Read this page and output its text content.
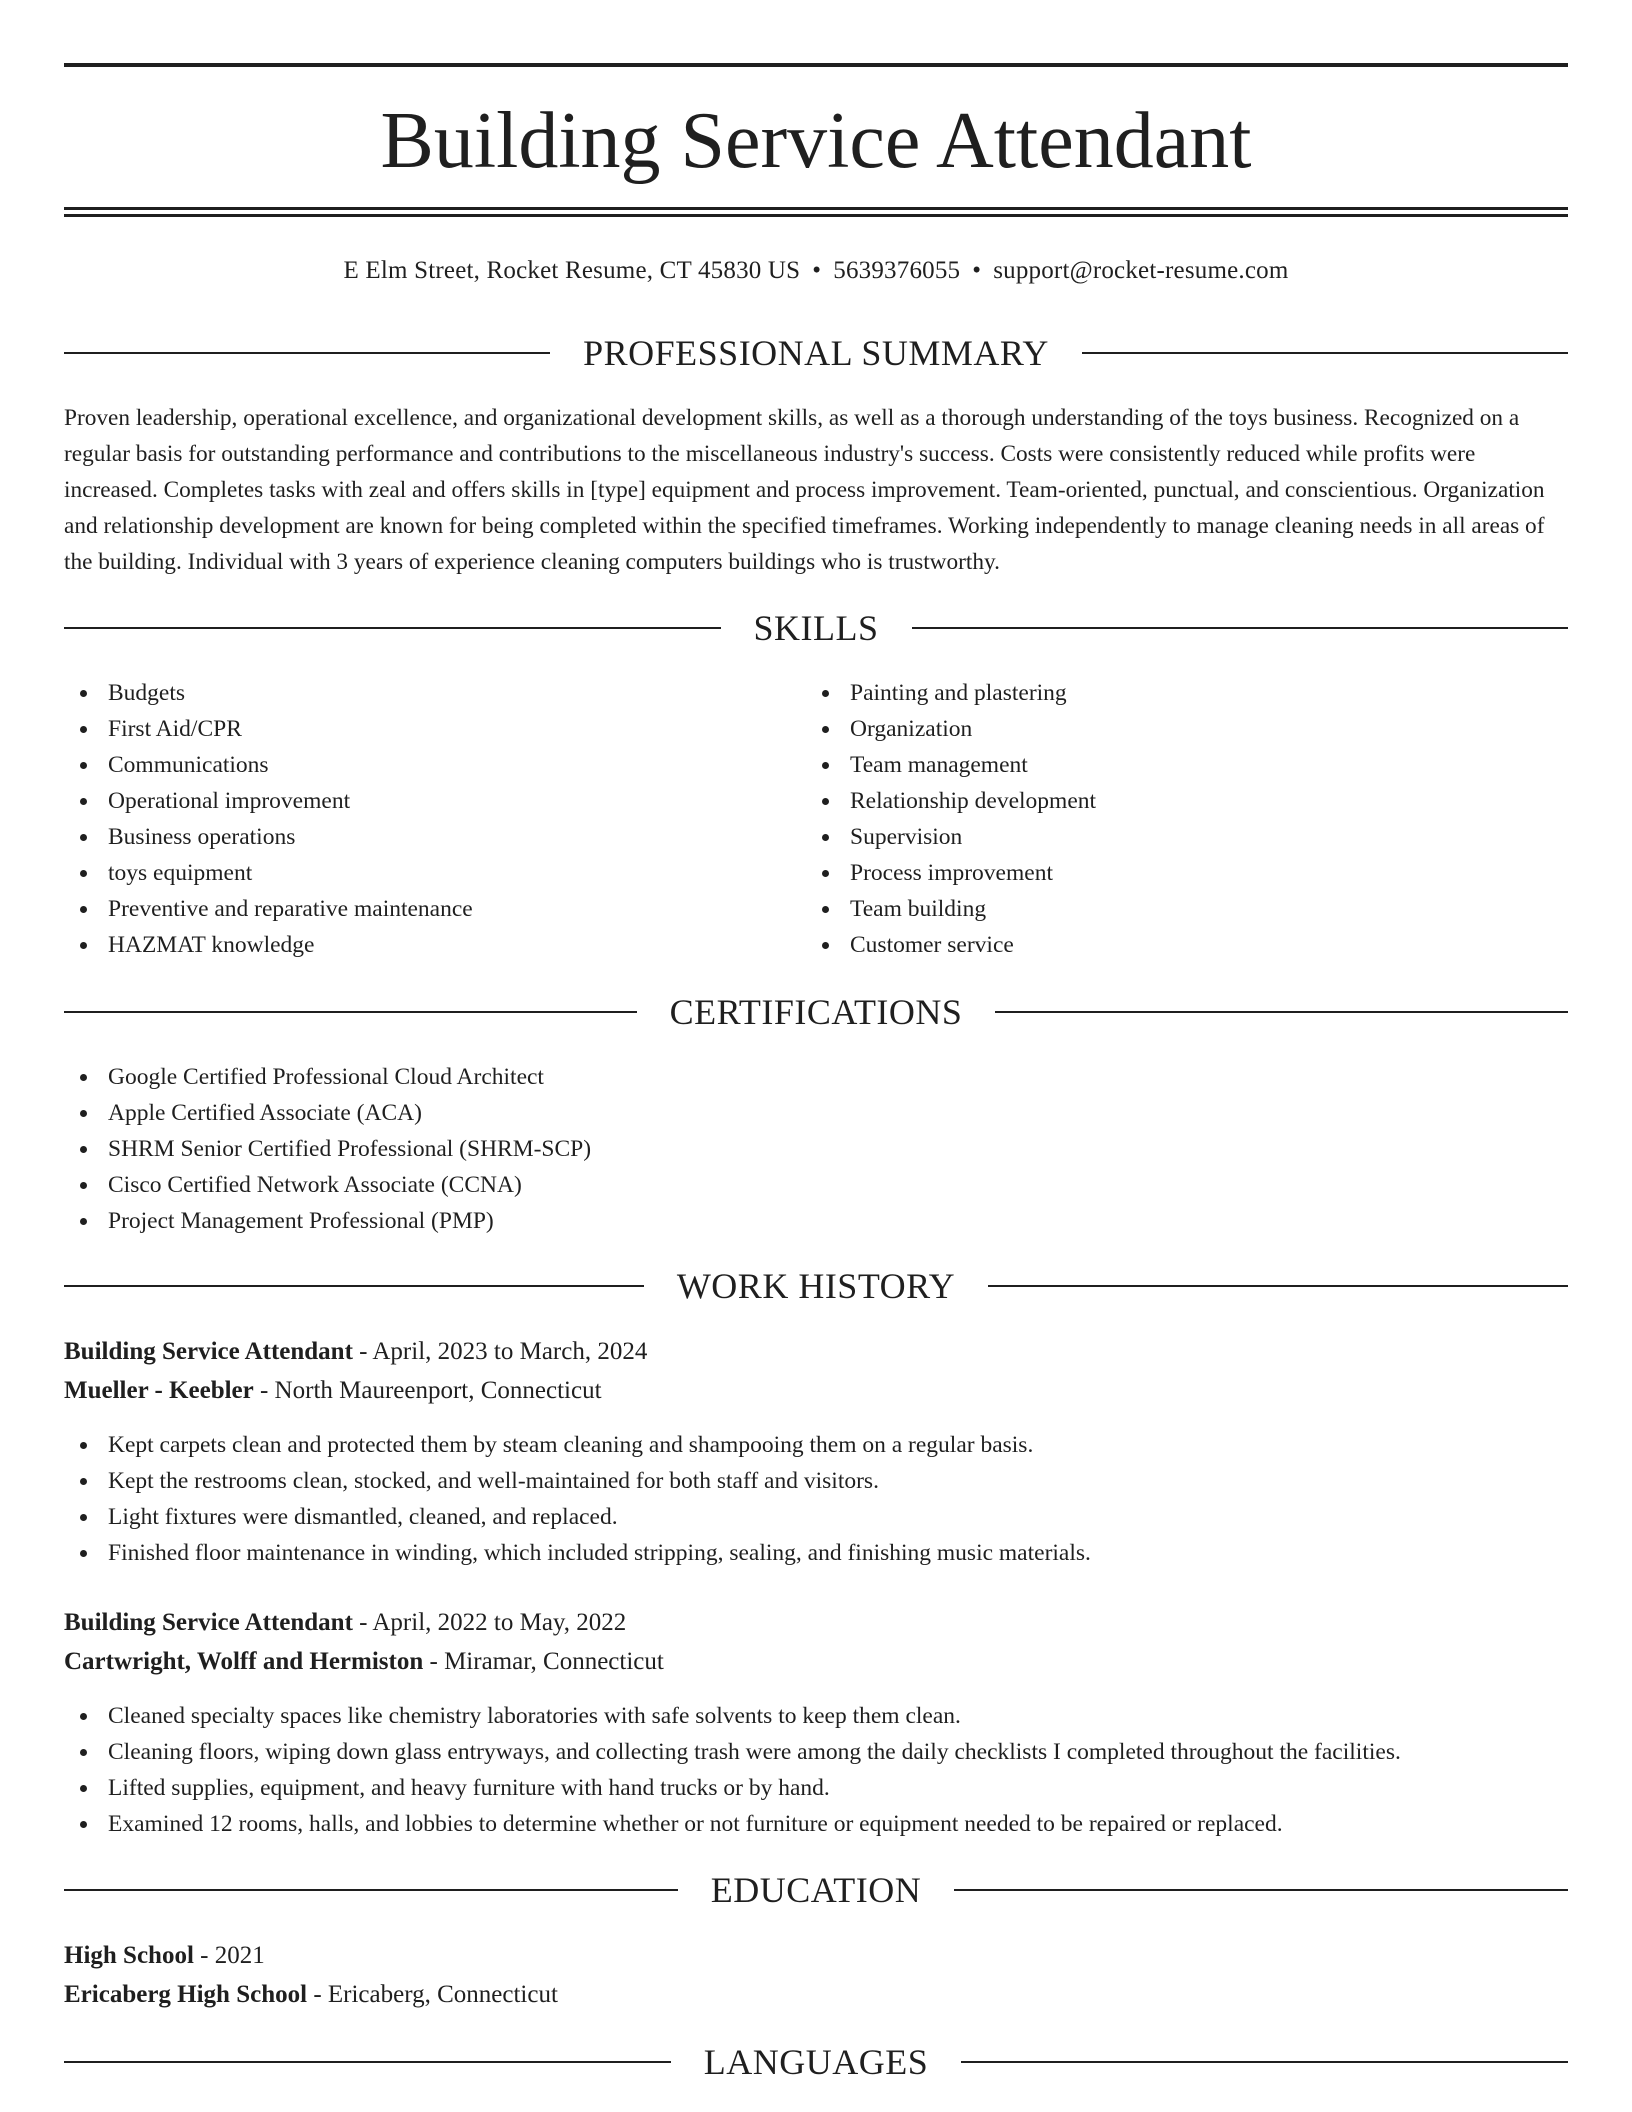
Building Service Attendant
E Elm Street, Rocket Resume, CT 45830 US • 5639376055 • support@rocket-resume.com
PROFESSIONAL SUMMARY

Proven leadership, operational excellence, and organizational development skills, as well as a thorough understanding of the toys business. Recognized on a regular basis for outstanding performance and contributions to the miscellaneous industry's success. Costs were consistently reduced while profits were increased. Completes tasks with zeal and offers skills in [type] equipment and process improvement. Team-oriented, punctual, and conscientious. Organization and relationship development are known for being completed within the specified timeframes. Working independently to manage cleaning needs in all areas of the building. Individual with 3 years of experience cleaning computers buildings who is trustworthy.

SKILLS
Budgets
First Aid/CPR
Communications
Operational improvement
Business operations
toys equipment
Preventive and reparative maintenance
HAZMAT knowledge
Painting and plastering
Organization
Team management
Relationship development
Supervision
Process improvement
Team building
Customer service
CERTIFICATIONS
Google Certified Professional Cloud Architect
Apple Certified Associate (ACA)
SHRM Senior Certified Professional (SHRM-SCP)
Cisco Certified Network Associate (CCNA)
Project Management Professional (PMP)
WORK HISTORY
Building Service Attendant - April, 2023 to March, 2024
Mueller - Keebler - North Maureenport, Connecticut
Kept carpets clean and protected them by steam cleaning and shampooing them on a regular basis.
Kept the restrooms clean, stocked, and well-maintained for both staff and visitors.
Light fixtures were dismantled, cleaned, and replaced.
Finished floor maintenance in winding, which included stripping, sealing, and finishing music materials.
Building Service Attendant - April, 2022 to May, 2022
Cartwright, Wolff and Hermiston - Miramar, Connecticut
Cleaned specialty spaces like chemistry laboratories with safe solvents to keep them clean.
Cleaning floors, wiping down glass entryways, and collecting trash were among the daily checklists I completed throughout the facilities.
Lifted supplies, equipment, and heavy furniture with hand trucks or by hand.
Examined 12 rooms, halls, and lobbies to determine whether or not furniture or equipment needed to be repaired or replaced.
EDUCATION
High School - 2021
Ericaberg High School - Ericaberg, Connecticut
LANGUAGES
